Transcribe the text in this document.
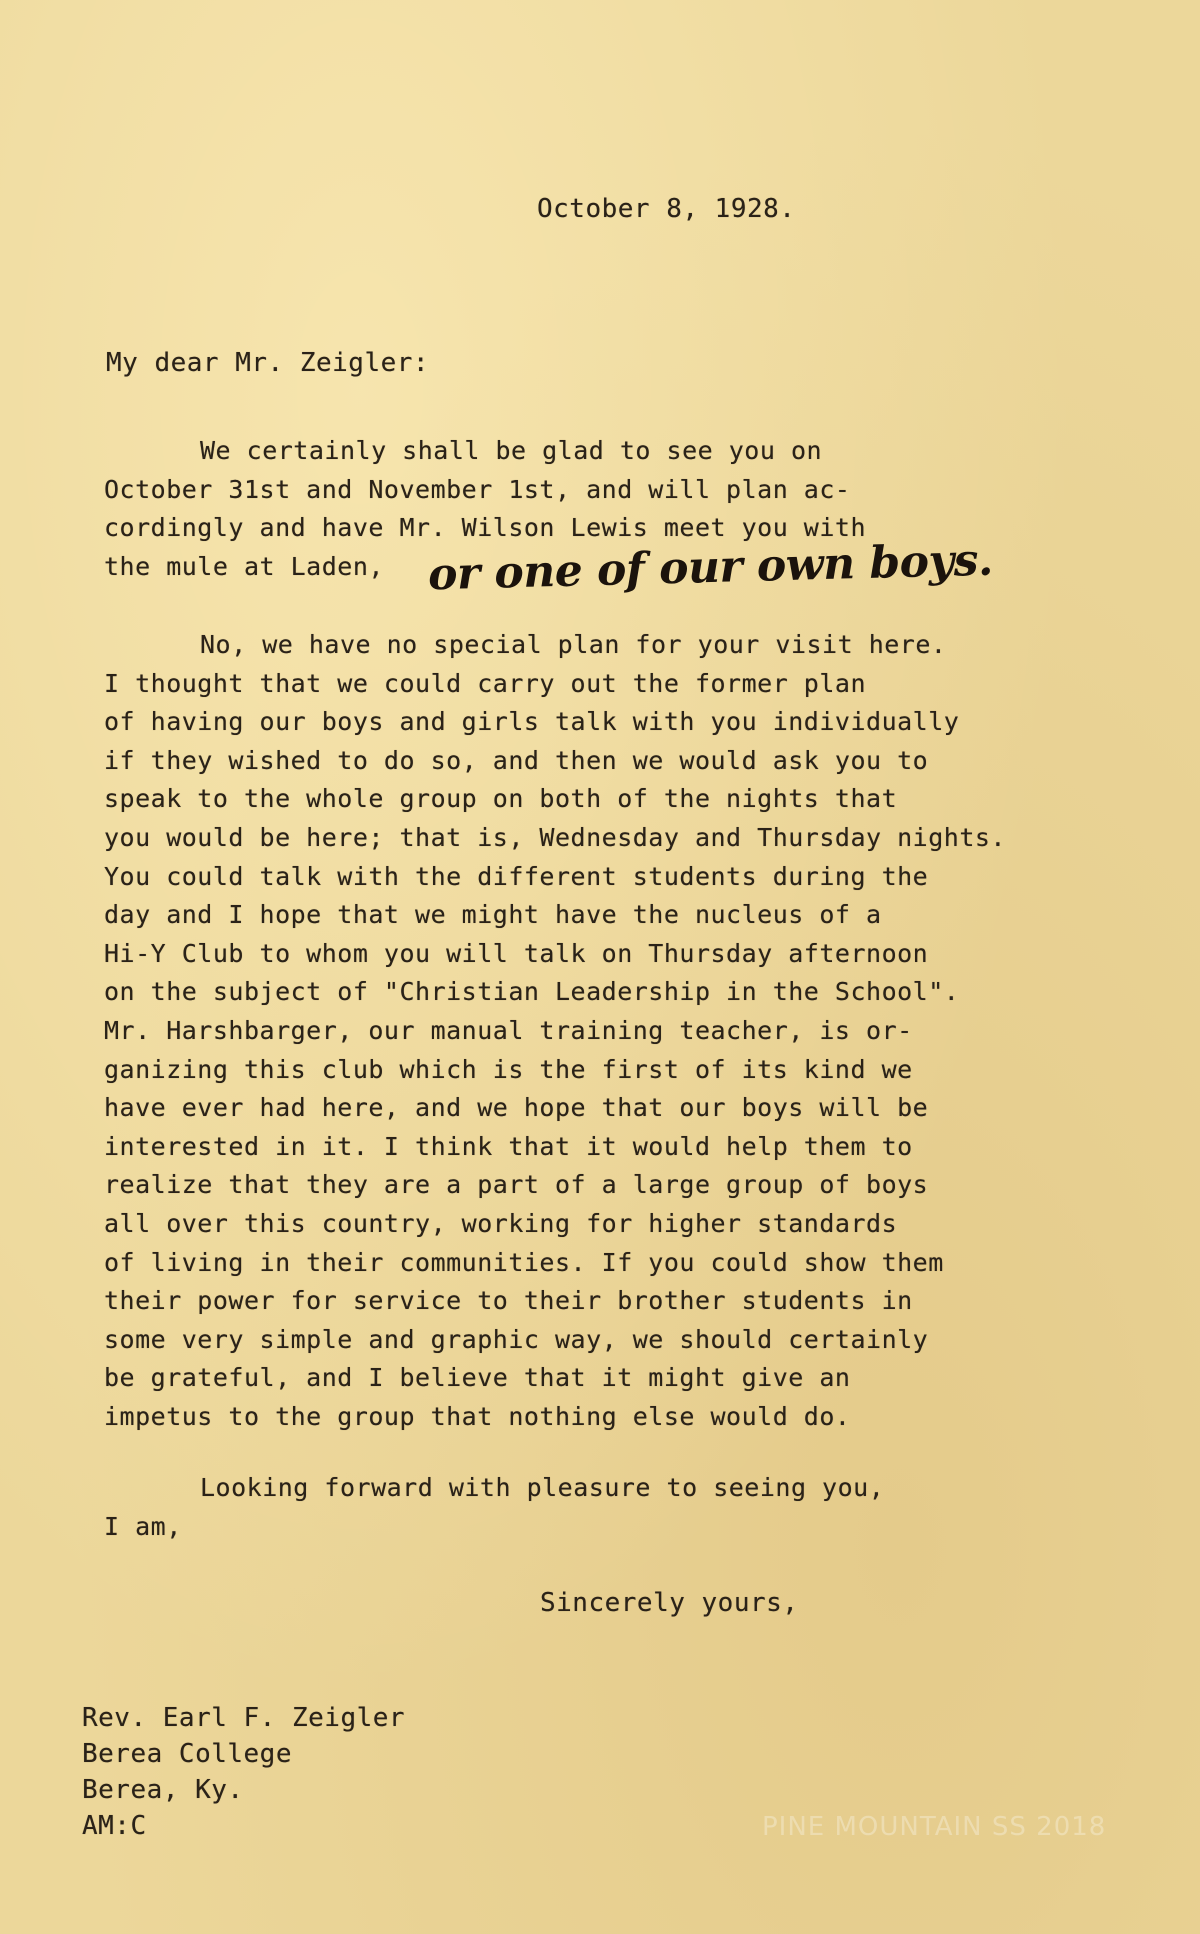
October 8, 1928.
My dear Mr. Zeigler:
We certainly shall be glad to see you on
October 31st and November 1st, and will plan ac-
cordingly and have Mr. Wilson Lewis meet you with
the mule at Laden, or one of our own boys.
No, we have no special plan for your visit here.
I thought that we could carry out the former plan
of having our boys and girls talk with you individually
if they wished to do so, and then we would ask you to
speak to the whole group on both of the nights that
you would be here; that is, Wednesday and Thursday nights.
You could talk with the different students during the
day and I hope that we might have the nucleus of a
Hi-Y Club to whom you will talk on Thursday afternoon
on the subject of "Christian Leadership in the School".
Mr. Harshbarger, our manual training teacher, is or-
ganizing this club which is the first of its kind we
have ever had here, and we hope that our boys will be
interested in it. I think that it would help them to
realize that they are a part of a large group of boys
all over this country, working for higher standards
of living in their communities. If you could show them
their power for service to their brother students in
some very simple and graphic way, we should certainly
be grateful, and I believe that it might give an
impetus to the group that nothing else would do.
Looking forward with pleasure to seeing you,
I am,
Sincerely yours,
Rev. Earl F. Zeigler
Berea College
Berea, Ky.
AM:C	PINE MOUNTAIN SS 2018
